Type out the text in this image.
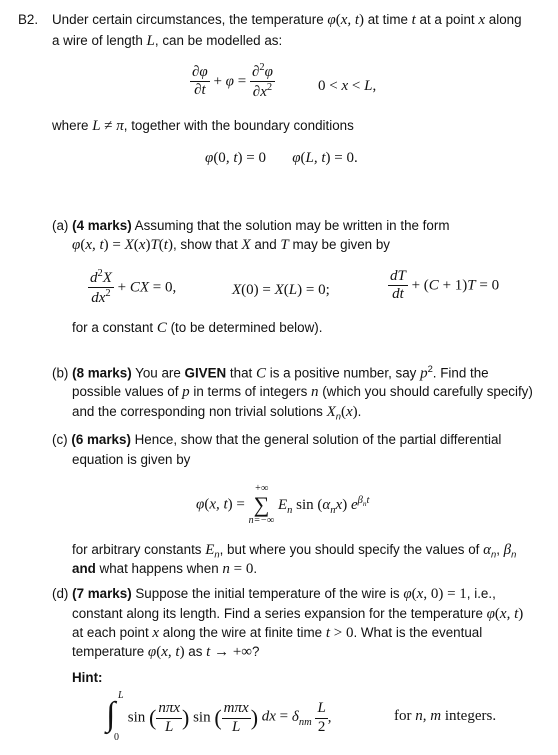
B2. Under certain circumstances, the temperature φ(x, t) at time t at a point x along
a wire of length L, can be modelled as:
$\frac{\partial\varphi}{\partial t} + \varphi = \frac{\partial^2\varphi}{\partial x^2}$	0 < x < L,
where L ≠ π, together with the boundary conditions
φ(0, t) = 0       φ(L, t) = 0.
(a) (4 marks) Assuming that the solution may be written in the form
φ(x, t) = X(x)T(t), show that X and T may be given by
$\frac{d^2X}{dx^2}$ + CX = 0,	X(0) = X(L) = 0;	$\frac{dT}{dt} + (C + 1)T = 0$
for a constant C (to be determined below).
(b) (8 marks) You are GIVEN that C is a positive number, say $p^2$. Find the
possible values of p in terms of integers n (which you should carefully specify)
and the corresponding non trivial solutions $X_n(x)$.
(c) (6 marks) Hence, show that the general solution of the partial differential
equation is given by
φ(x, t) =
+∞
∑
n=−∞
$E_n$ $\sin (\alpha_nx)$ $e^{\beta_nt}$
for arbitrary constants $E_n$, but where you should specify the values of $\alpha_n$, $\beta_n$
and what happens when n = 0.
(d) (7 marks) Suppose the initial temperature of the wire is φ(x, 0) = 1, i.e.,
constant along its length. Find a series expansion for the temperature φ(x, t)
at each point x along the wire at finite time t > 0. What is the eventual
temperature φ(x, t) as t → +∞?
Hint:
∫
L
0
sin ( $\frac{\text{nπx}}{L}$ ) sin ( $\frac{\text{mπx}}{L}$ ) dx = $\delta_{nm} \frac{L}{2}$ ,	for n, m integers.
